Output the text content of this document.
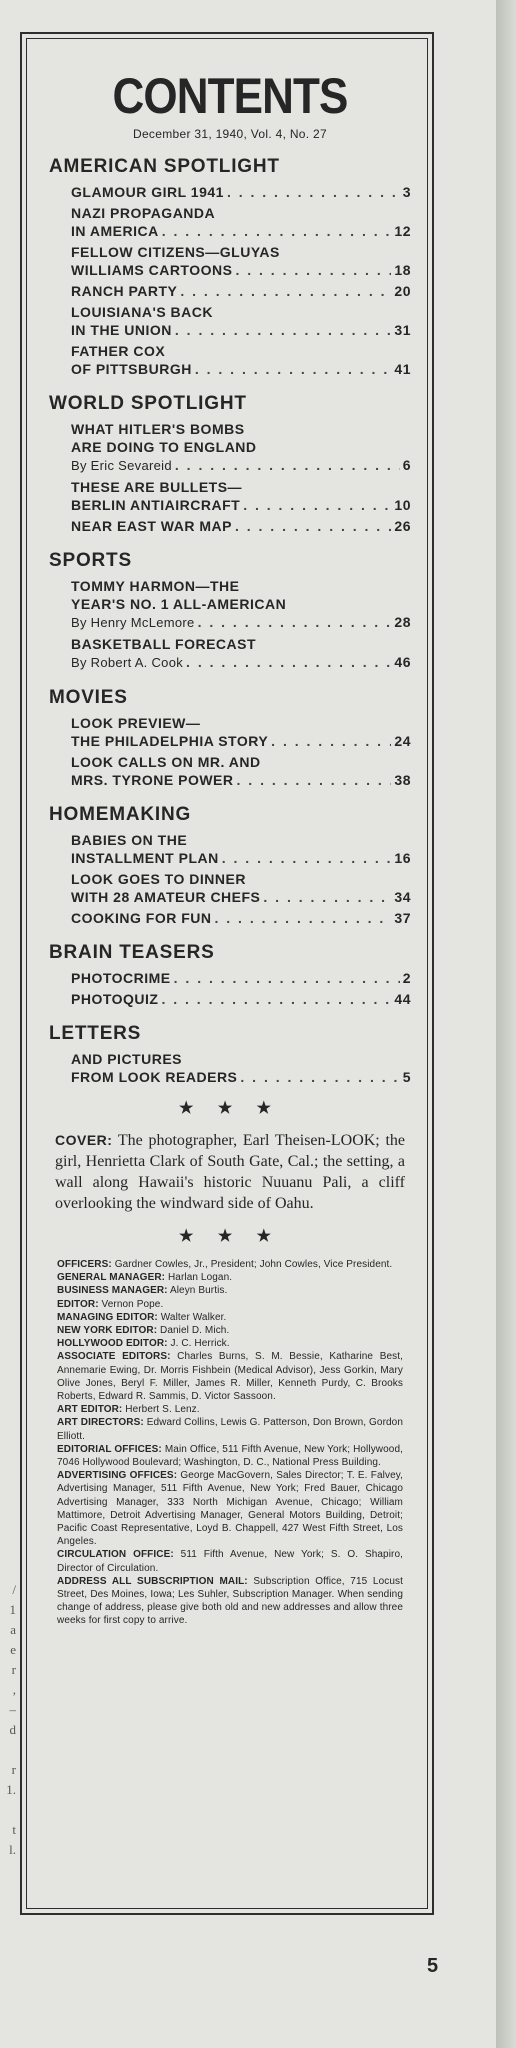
/
1
a
e
r
,
–
d

r
1.

t
l.
CONTENTS
December 31, 1940, Vol. 4, No. 27
AMERICAN SPOTLIGHT
GLAMOUR GIRL 1941 . . .	3
NAZI PROPAGANDA
IN AMERICA . . .	12
FELLOW CITIZENS—GLUYAS
WILLIAMS CARTOONS . . .	18
RANCH PARTY . . .	20
LOUISIANA'S BACK
IN THE UNION . . .	31
FATHER COX
OF PITTSBURGH . . .	41
WORLD SPOTLIGHT
WHAT HITLER'S BOMBS
ARE DOING TO ENGLAND
By Eric Sevareid . . .	6
THESE ARE BULLETS—
BERLIN ANTIAIRCRAFT . . .	10
NEAR EAST WAR MAP . . .	26
SPORTS
TOMMY HARMON—THE
YEAR'S NO. 1 ALL-AMERICAN
By Henry McLemore . . .	28
BASKETBALL FORECAST
By Robert A. Cook . . .	46
MOVIES
LOOK PREVIEW—
THE PHILADELPHIA STORY . . .	24
LOOK CALLS ON MR. AND
MRS. TYRONE POWER . . .	38
HOMEMAKING
BABIES ON THE
INSTALLMENT PLAN . . .	16
LOOK GOES TO DINNER
WITH 28 AMATEUR CHEFS . . .	34
COOKING FOR FUN . . .	37
BRAIN TEASERS
PHOTOCRIME . . .	2
PHOTOQUIZ . . .	44
LETTERS
AND PICTURES
FROM LOOK READERS . . .	5
★ ★ ★
COVER: The photographer, Earl Theisen-LOOK; the girl, Henrietta Clark of South Gate, Cal.; the setting, a wall along Hawaii's historic Nuuanu Pali, a cliff overlooking the windward side of Oahu.
★ ★ ★

OFFICERS: Gardner Cowles, Jr., President; John Cowles, Vice President.

GENERAL MANAGER: Harlan Logan.

BUSINESS MANAGER: Aleyn Burtis.

EDITOR: Vernon Pope.

MANAGING EDITOR: Walter Walker.

NEW YORK EDITOR: Daniel D. Mich.

HOLLYWOOD EDITOR: J. C. Herrick.

ASSOCIATE EDITORS: Charles Burns, S. M. Bessie, Katharine Best, Annemarie Ewing, Dr. Morris Fishbein (Medical Advisor), Jess Gorkin, Mary Olive Jones, Beryl F. Miller, James R. Miller, Kenneth Purdy, C. Brooks Roberts, Edward R. Sammis, D. Victor Sassoon.

ART EDITOR: Herbert S. Lenz.

ART DIRECTORS: Edward Collins, Lewis G. Patterson, Don Brown, Gordon Elliott.

EDITORIAL OFFICES: Main Office, 511 Fifth Avenue, New York; Hollywood, 7046 Hollywood Boulevard; Washington, D. C., National Press Building.

ADVERTISING OFFICES: George MacGovern, Sales Director; T. E. Falvey, Advertising Manager, 511 Fifth Avenue, New York; Fred Bauer, Chicago Advertising Manager, 333 North Michigan Avenue, Chicago; William Mattimore, Detroit Advertising Manager, General Motors Building, Detroit; Pacific Coast Representative, Loyd B. Chappell, 427 West Fifth Street, Los Angeles.

CIRCULATION OFFICE: 511 Fifth Avenue, New York; S. O. Shapiro, Director of Circulation.

ADDRESS ALL SUBSCRIPTION MAIL: Subscription Office, 715 Locust Street, Des Moines, Iowa; Les Suhler, Subscription Manager. When sending change of address, please give both old and new addresses and allow three weeks for first copy to arrive.

5
